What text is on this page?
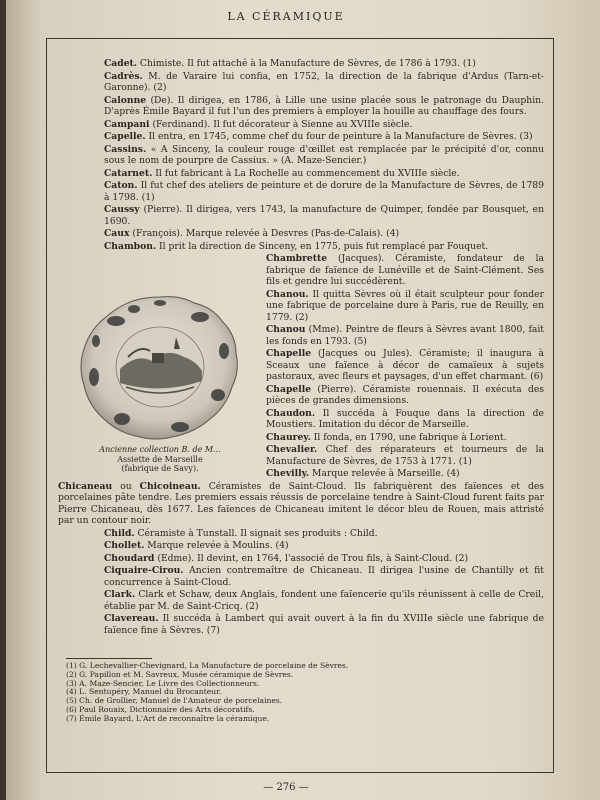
LA CÉRAMIQUE

Cadet. Chimiste. Il fut attaché à la Manufacture de Sèvres, de 1786 à 1793. (1)

Cadrès. M. de Varaire lui confia, en 1752, la direction de la fabrique d'Ardus (Tarn-et-Garonne). (2)

Calonne (De). Il dirigea, en 1786, à Lille une usine placée sous le patronage du Dauphin. D'après Émile Bayard il fut l'un des premiers à employer la houille au chauffage des fours.

Campani (Ferdinand). Il fut décorateur à Sienne au XVIIIe siècle.

Capelle. Il entra, en 1745, comme chef du four de peinture à la Manufacture de Sèvres. (3)

Cassins. « A Sinceny, la couleur rouge d'œillet est remplacée par le précipité d'or, connu sous le nom de pourpre de Cassius. » (A. Maze-Sencier.)

Catarnet. Il fut fabricant à La Rochelle au commencement du XVIIIe siècle.

Caton. Il fut chef des ateliers de peinture et de dorure de la Manufacture de Sèvres, de 1789 à 1798. (1)

Caussy (Pierre). Il dirigea, vers 1743, la manufacture de Quimper, fondée par Bousquet, en 1690.

Caux (François). Marque relevée à Desvres (Pas-de-Calais). (4)

Chambon. Il prit la direction de Sinceny, en 1775, puis fut remplacé par Fouquet.

Chambrette (Jacques). Céramiste, fondateur de la fabrique de faïence de Lunéville et de Saint-Clément. Ses fils et gendre lui succédèrent.

Chanou. Il quitta Sèvres où il était sculpteur pour fonder une fabrique de porcelaine dure à Paris, rue de Reuilly, en 1779. (2)

Chanou (Mme). Peintre de fleurs à Sèvres avant 1800, fait les fonds en 1793. (5)

Chapelle (Jacques ou Jules). Céramiste; il inaugura à Sceaux une faïence à décor de camaïeux à sujets pastoraux, avec fleurs et paysages, d'un effet charmant. (6)

Chapelle (Pierre). Céramiste rouennais. Il exécuta des pièces de grandes dimensions.

Chaudon. Il succéda à Fouque dans la direction de Moustiers. Imitation du décor de Marseille.

Chaurey. Il fonda, en 1790, une fabrique à Lorient.

Chevalier. Chef des réparateurs et tourneurs de la Manufacture de Sèvres, de 1753 à 1771. (1)

Chevilly. Marque relevée à Marseille. (4)

Chicaneau ou Chicoineau. Céramistes de Saint-Cloud. Ils fabriquèrent des faïences et des porcelaines pâte tendre. Les premiers essais réussis de porcelaine tendre à Saint-Cloud furent faits par Pierre Chicaneau, dès 1677. Les faïences de Chicaneau imitent le décor bleu de Rouen, mais attristé par un contour noir.

Child. Céramiste à Tunstall. Il signait ses produits : Child.

Chollet. Marque relevée à Moulins. (4)

Choudard (Edme). Il devint, en 1764, l'associé de Trou fils, à Saint-Cloud. (2)

Ciquaire-Cirou. Ancien contremaître de Chicaneau. Il dirigea l'usine de Chantilly et fit concurrence à Saint-Cloud.

Clark. Clark et Schaw, deux Anglais, fondent une faïencerie qu'ils réunissent à celle de Creil, établie par M. de Saint-Cricq. (2)

Clavereau. Il succéda à Lambert qui avait ouvert à la fin du XVIIIe siècle une fabrique de faïence fine à Sèvres. (7)

Ancienne collection B. de M...
Assiette de Marseille
(fabrique de Savy).
(1) G. Lechevallier-Chevignard, La Manufacture de porcelaine de Sèvres.
(2) G. Papillon et M. Savreux, Musée céramique de Sèvres.
(3) A. Maze-Sencier, Le Livre des Collectionneurs.
(4) L. Sentupéry, Manuel du Brocanteur.
(5) Ch. de Grollier, Manuel de l'Amateur de porcelaines.
(6) Paul Rouaix, Dictionnaire des Arts décoratifs.
(7) Émile Bayard, L'Art de reconnaître la céramique.
— 276 —
